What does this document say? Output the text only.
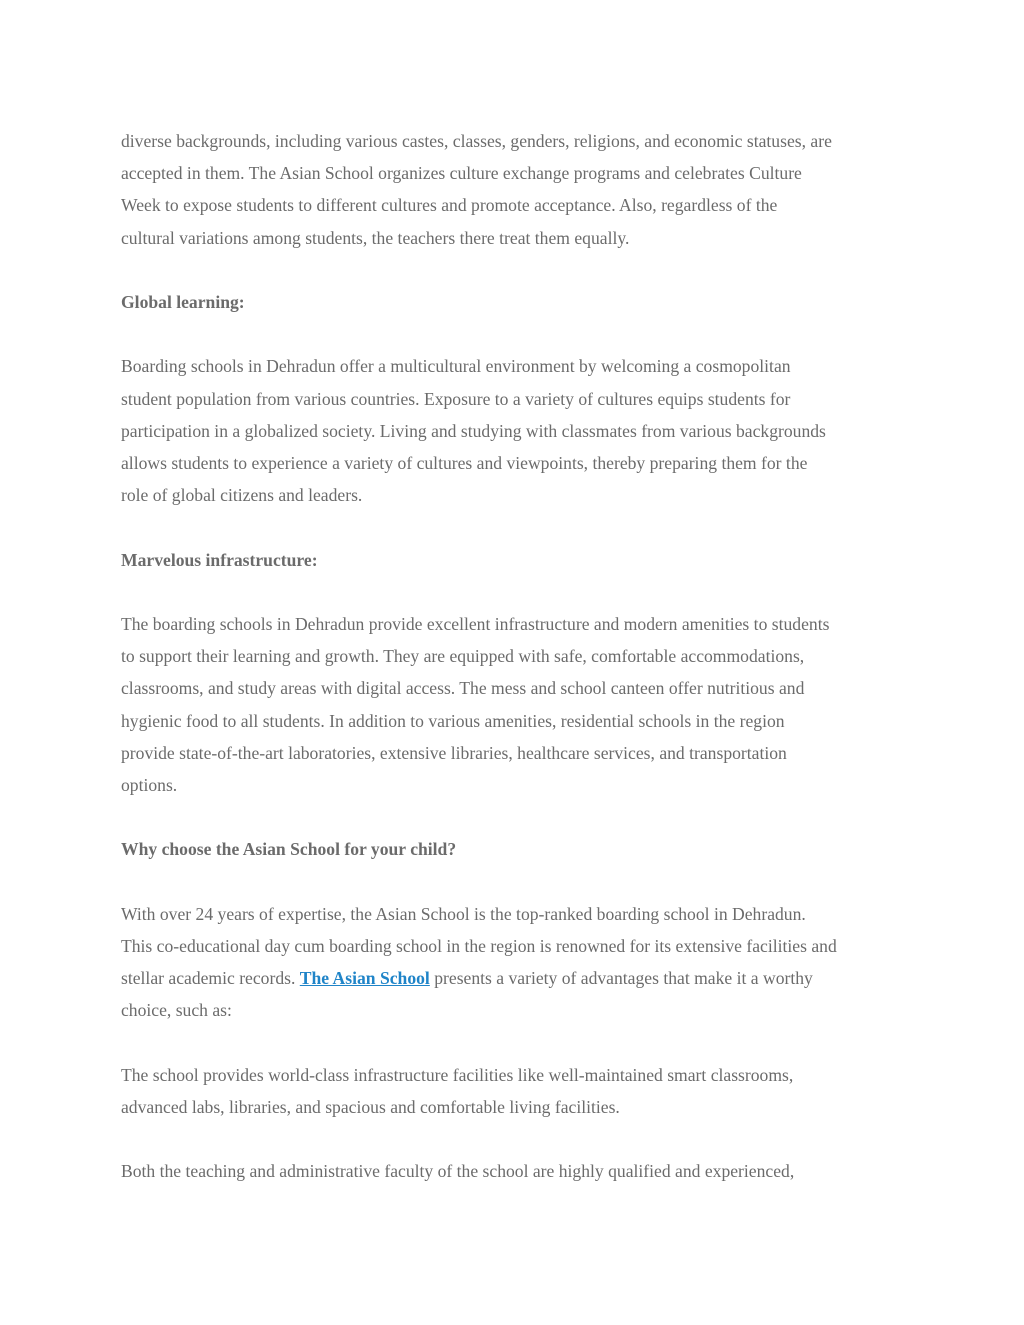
diverse backgrounds, including various castes, classes, genders, religions, and economic statuses, are
accepted in them. The Asian School organizes culture exchange programs and celebrates Culture
Week to expose students to different cultures and promote acceptance. Also, regardless of the
cultural variations among students, the teachers there treat them equally.

Global learning:

Boarding schools in Dehradun offer a multicultural environment by welcoming a cosmopolitan
student population from various countries. Exposure to a variety of cultures equips students for
participation in a globalized society. Living and studying with classmates from various backgrounds
allows students to experience a variety of cultures and viewpoints, thereby preparing them for the
role of global citizens and leaders.

Marvelous infrastructure:

The boarding schools in Dehradun provide excellent infrastructure and modern amenities to students
to support their learning and growth. They are equipped with safe, comfortable accommodations,
classrooms, and study areas with digital access. The mess and school canteen offer nutritious and
hygienic food to all students. In addition to various amenities, residential schools in the region
provide state-of-the-art laboratories, extensive libraries, healthcare services, and transportation
options.

Why choose the Asian School for your child?

With over 24 years of expertise, the Asian School is the top-ranked boarding school in Dehradun.
This co-educational day cum boarding school in the region is renowned for its extensive facilities and
stellar academic records. The Asian School presents a variety of advantages that make it a worthy
choice, such as:

The school provides world-class infrastructure facilities like well-maintained smart classrooms,
advanced labs, libraries, and spacious and comfortable living facilities.

Both the teaching and administrative faculty of the school are highly qualified and experienced,
